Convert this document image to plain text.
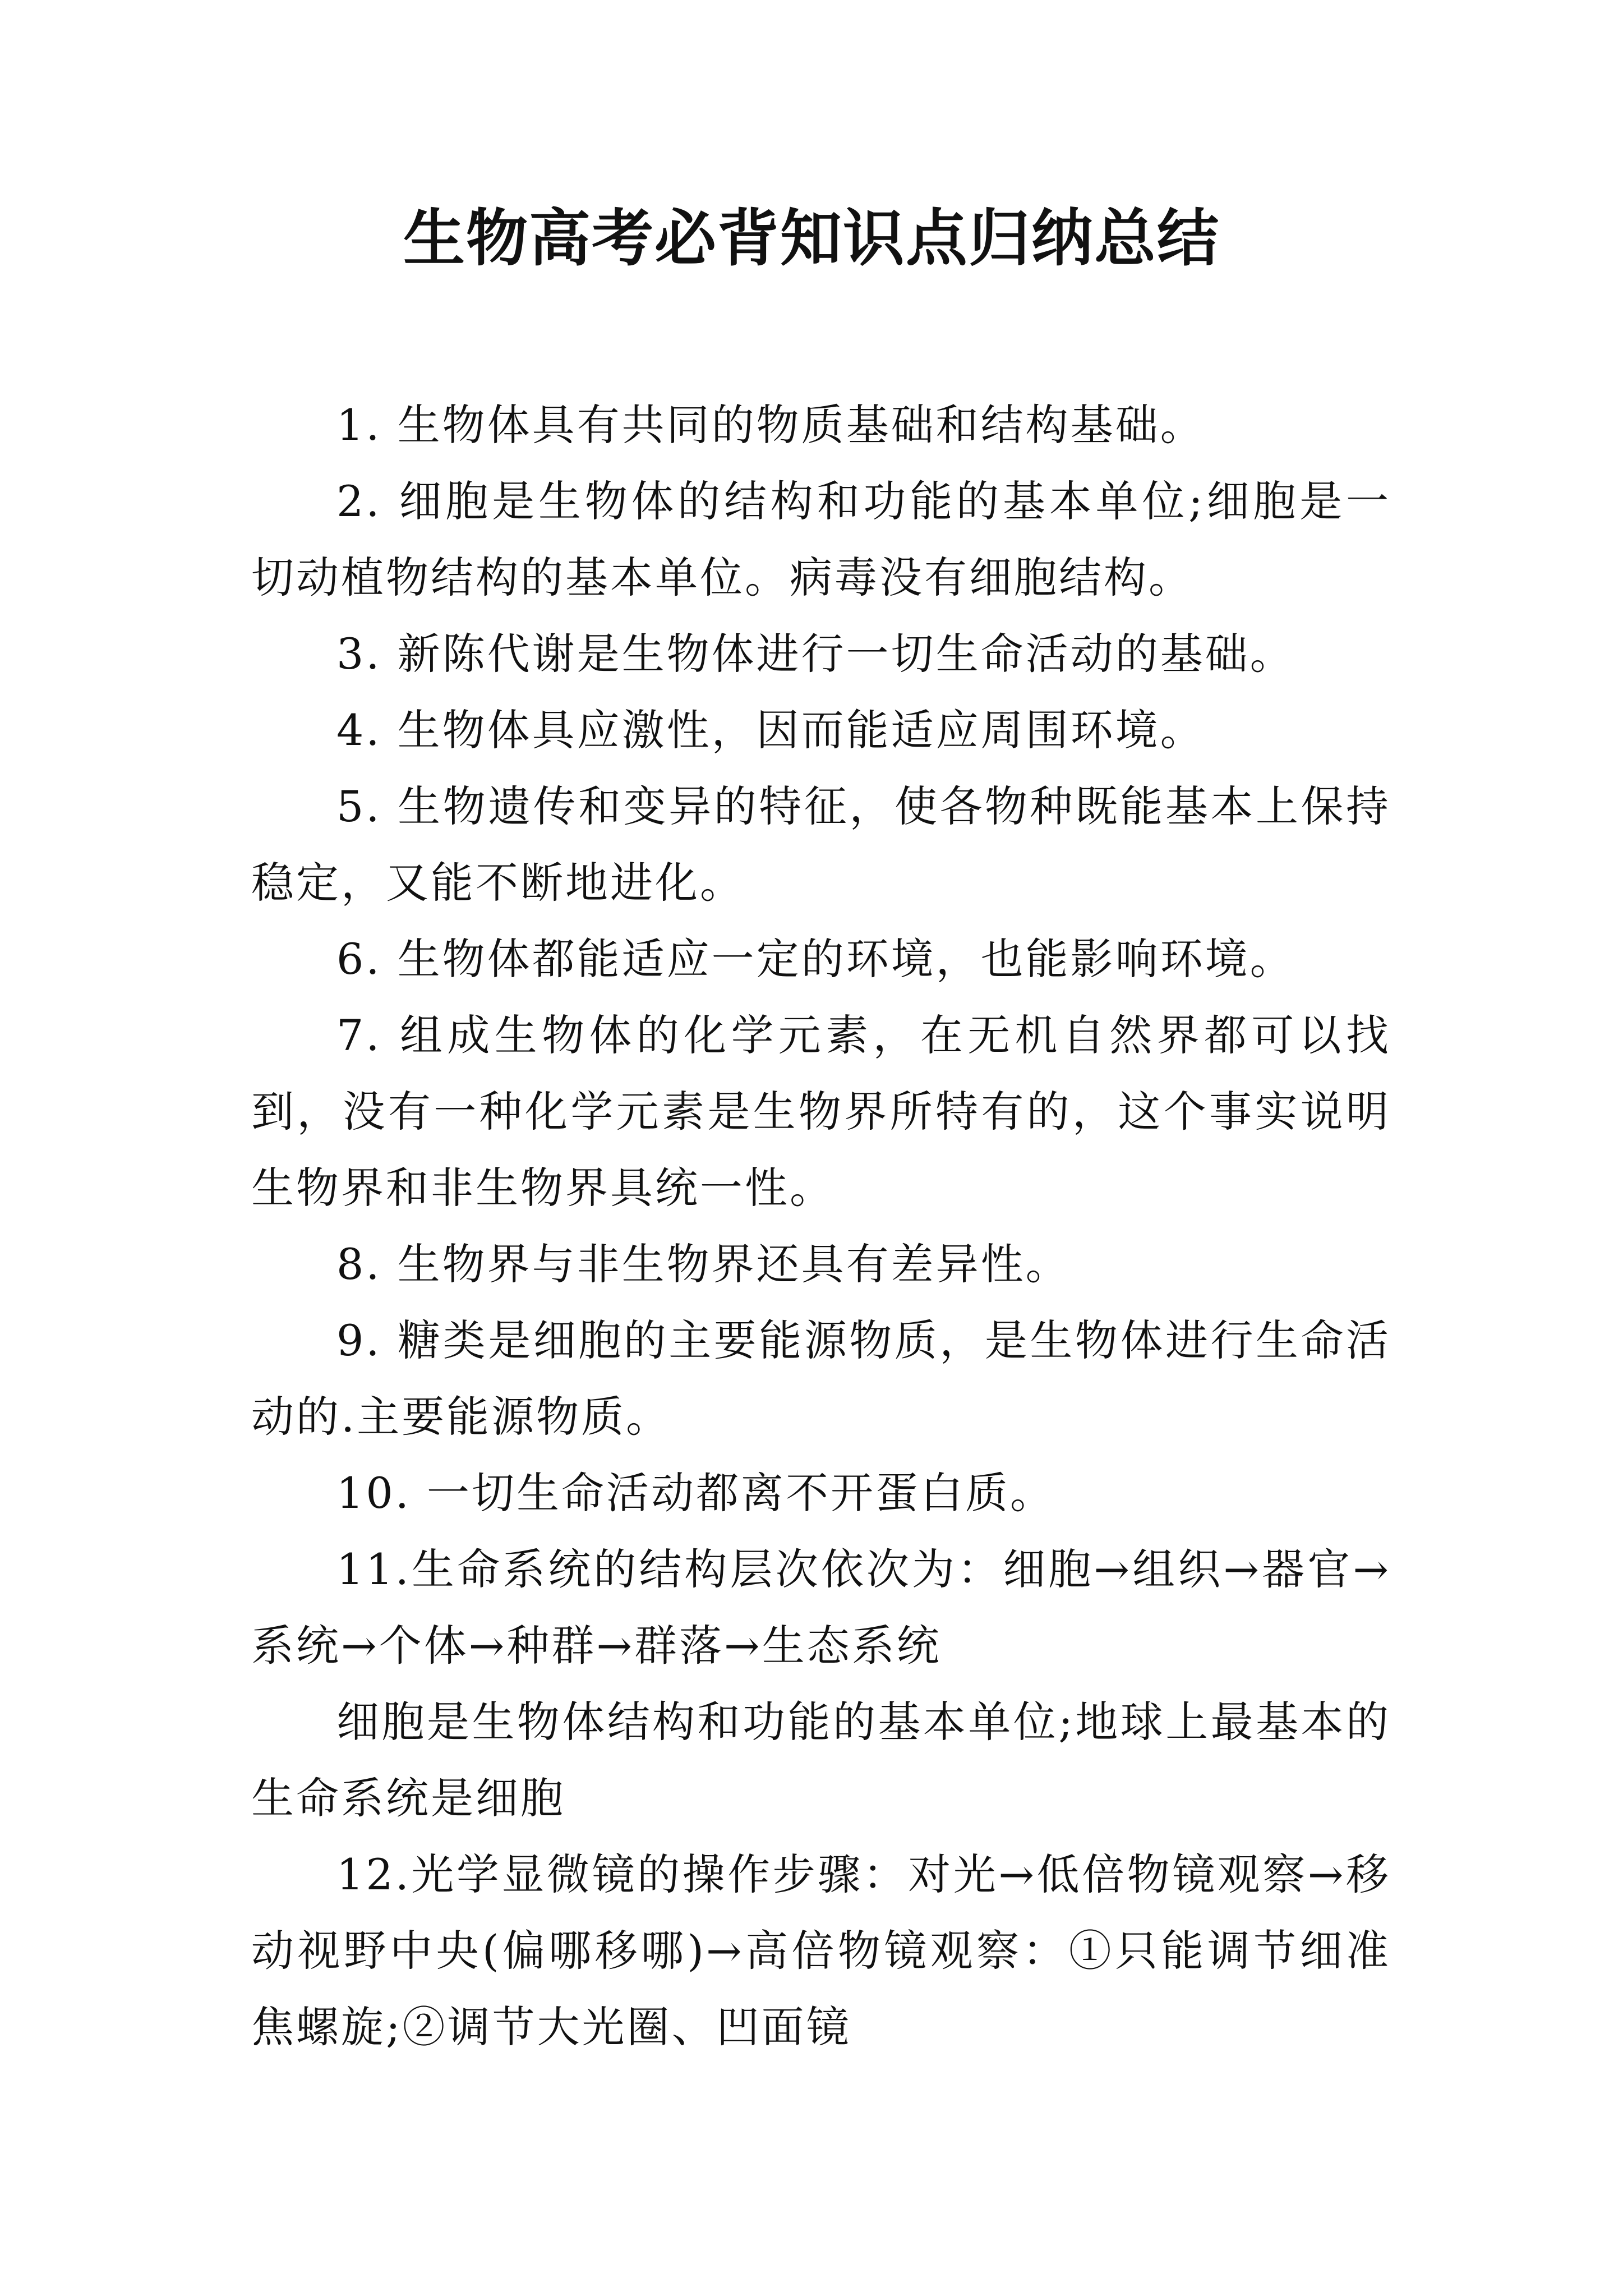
生物高考必背知识点归纳总结

1. 生物体具有共同的物质基础和结构基础。

2. 细胞是生物体的结构和功能的基本单位;细胞是一切动植物结构的基本单位。病毒没有细胞结构。

3. 新陈代谢是生物体进行一切生命活动的基础。

4. 生物体具应激性，因而能适应周围环境。

5. 生物遗传和变异的特征，使各物种既能基本上保持稳定，又能不断地进化。

6. 生物体都能适应一定的环境，也能影响环境。

7. 组成生物体的化学元素，在无机自然界都可以找到，没有一种化学元素是生物界所特有的，这个事实说明生物界和非生物界具统一性。

8. 生物界与非生物界还具有差异性。

9. 糖类是细胞的主要能源物质，是生物体进行生命活动的.主要能源物质。

10. 一切生命活动都离不开蛋白质。

11.生命系统的结构层次依次为：细胞→组织→器官→系统→个体→种群→群落→生态系统

细胞是生物体结构和功能的基本单位;地球上最基本的生命系统是细胞

12.光学显微镜的操作步骤：对光→低倍物镜观察→移动视野中央(偏哪移哪)→高倍物镜观察：①只能调节细准焦螺旋;②调节大光圈、凹面镜
